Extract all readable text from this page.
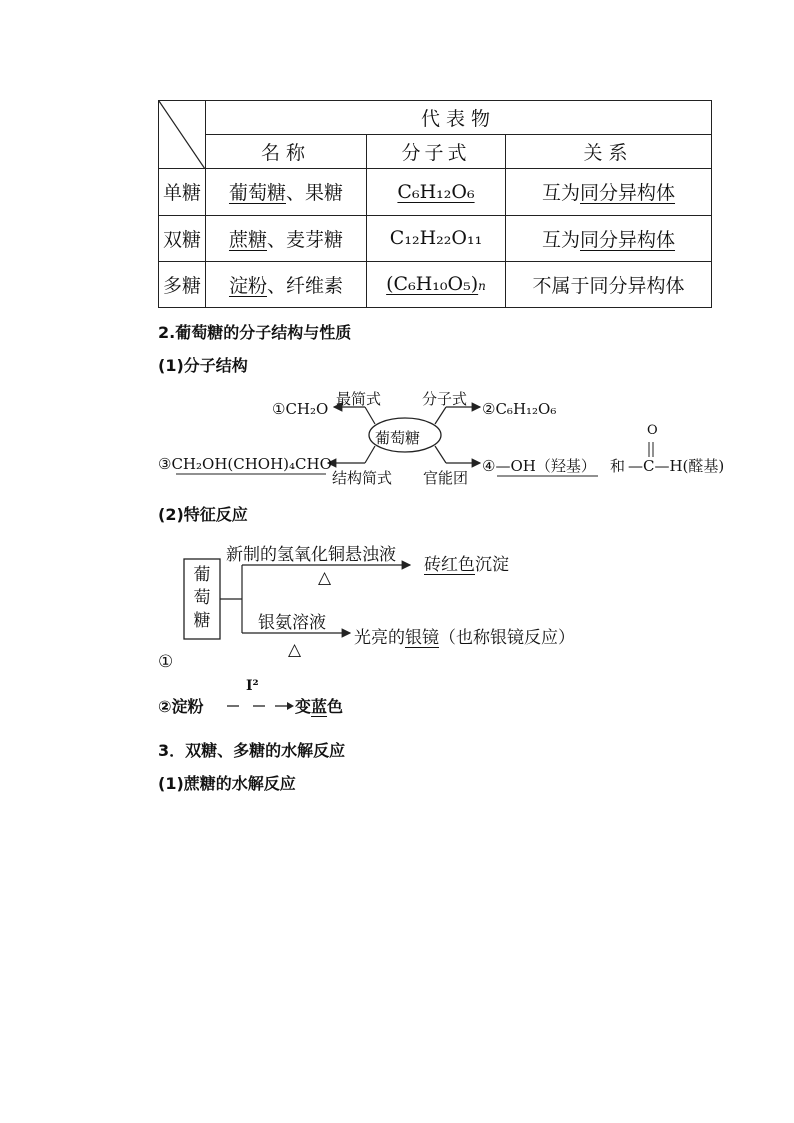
	代表物		
	名称	分子式	关系
单糖	葡萄糖、果糖	C₆H₁₂O₆	互为同分异构体
双糖	蔗糖、麦芽糖	C₁₂H₂₂O₁₁	互为同分异构体
多糖	淀粉、纤维素	(C₆H₁₀O₅)n	不属于同分异构体
2.葡萄糖的分子结构与性质
(1)分子结构
葡萄糖
最简式	分子式
结构简式 官能团
①CH₂O	②C₆H₁₂O₆
③CH₂OH(CHOH)₄CHO	④—OH（羟基） 和
O
—C—H(醛基)
(2)特征反应
葡萄糖
新制的氢氧化铜悬浊液
△
砖红色沉淀
银氨溶液
△
光亮的银镜（也称银镜反应）
①
②淀粉
I²
变蓝色
3．双糖、多糖的水解反应
(1)蔗糖的水解反应
